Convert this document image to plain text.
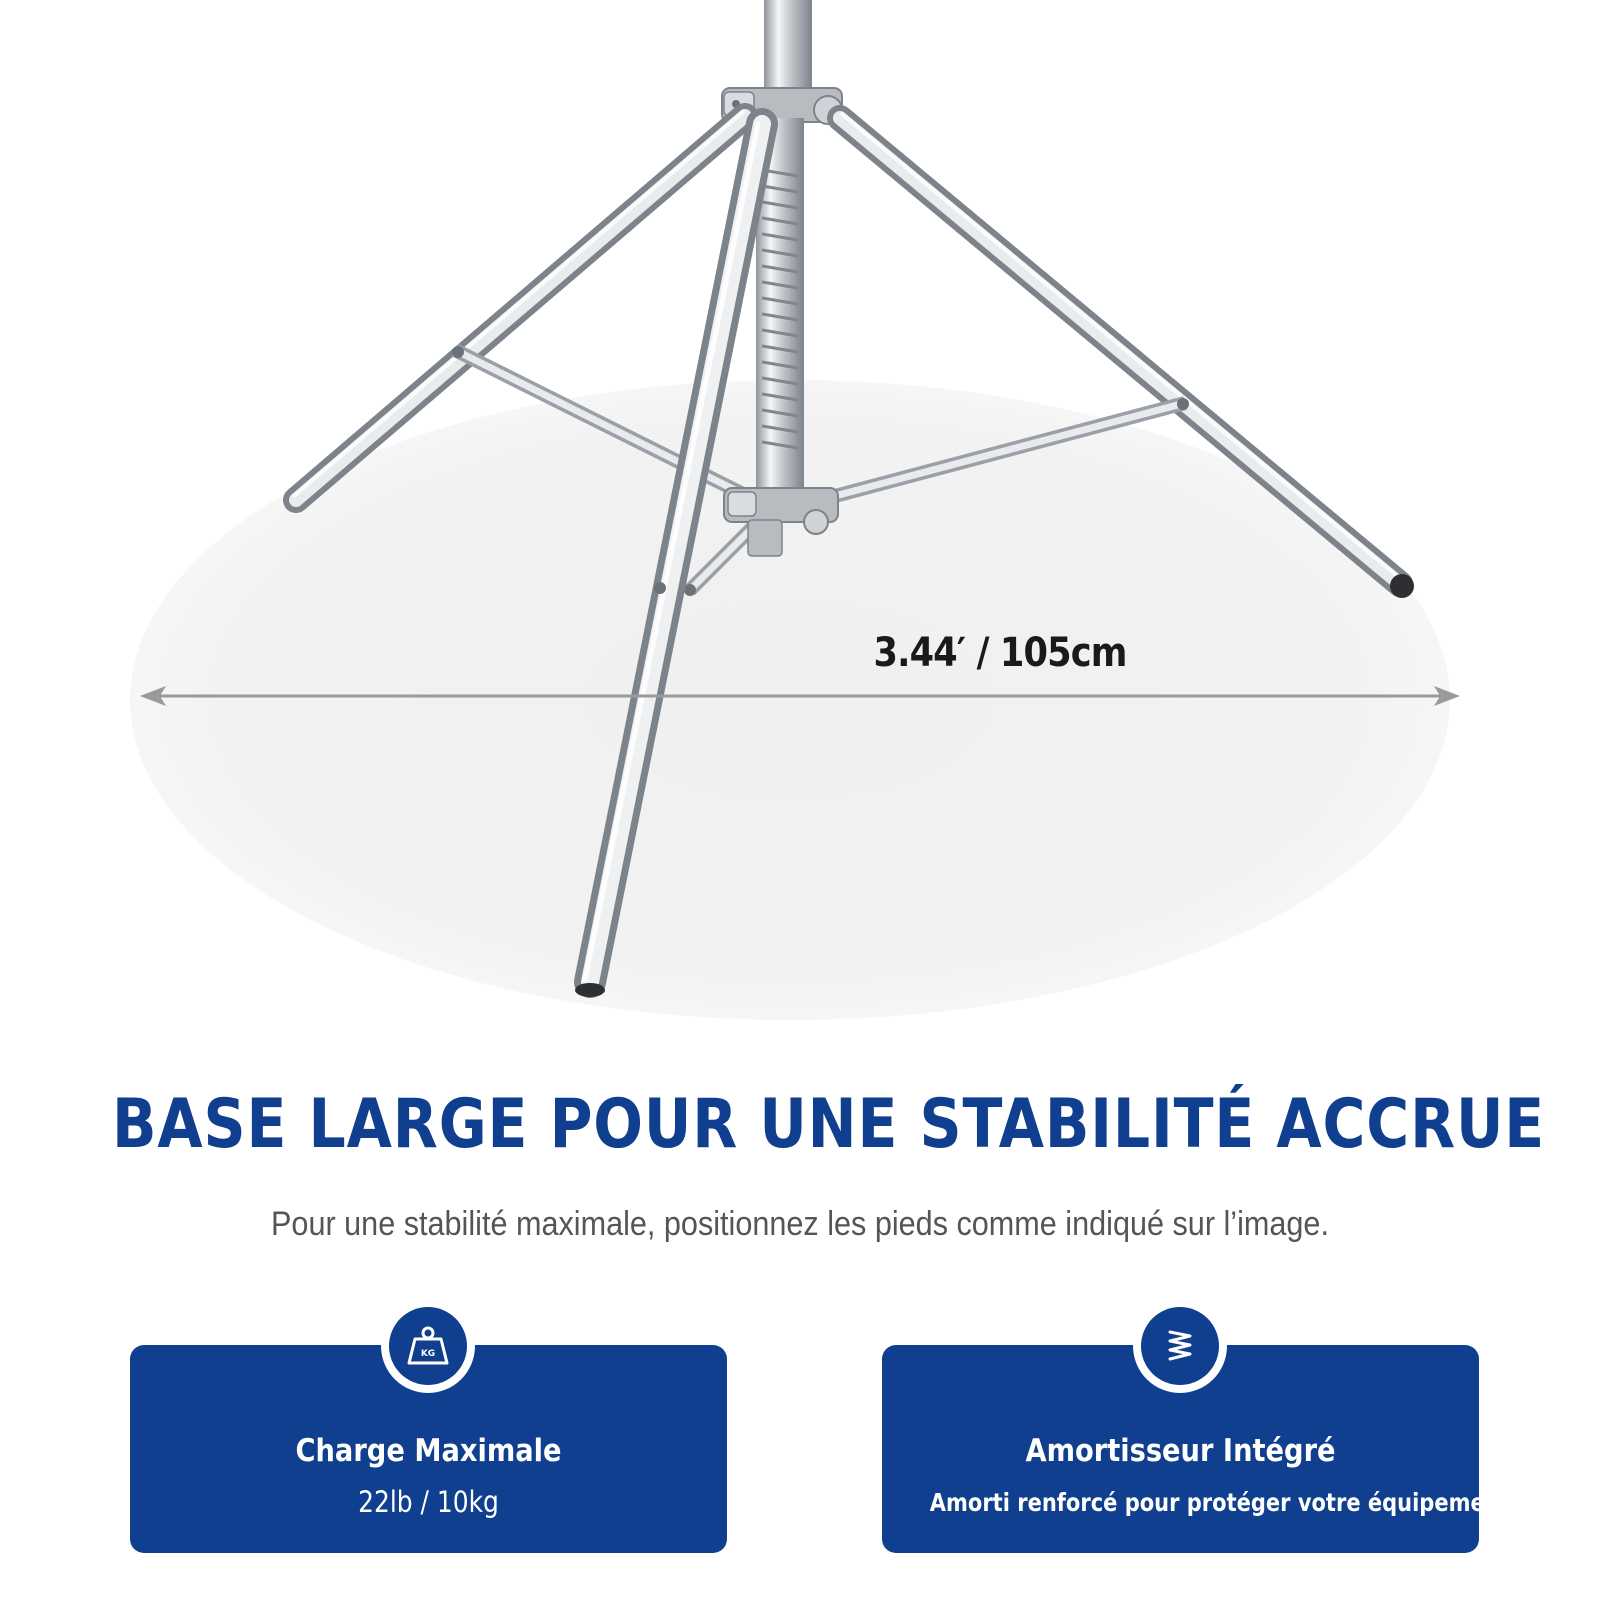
3.44′ / 105cm
BASE LARGE POUR UNE STABILITÉ ACCRUE
Pour une stabilité maximale, positionnez les pieds comme indiqué sur l’image.
KG
Charge Maximale
22lb / 10kg
Amortisseur Intégré
Amorti renforcé pour protéger votre équipement.
